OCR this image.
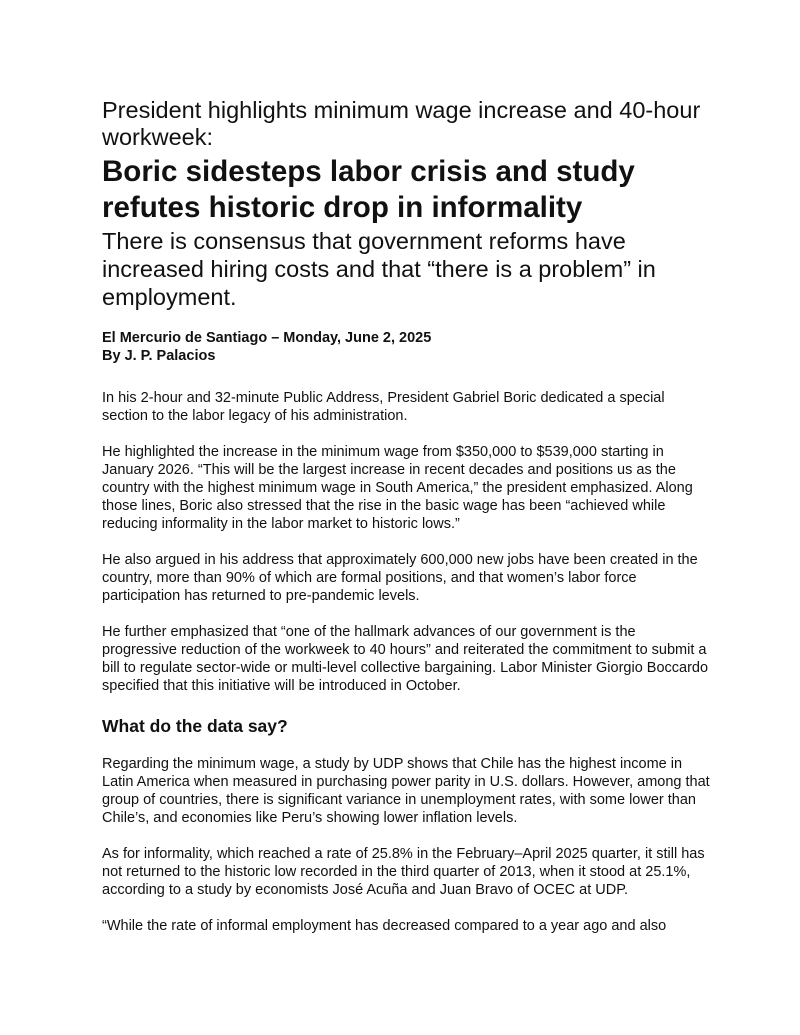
President highlights minimum wage increase and 40-hour workweek:
Boric sidesteps labor crisis and study refutes historic drop in informality
There is consensus that government reforms have increased hiring costs and that “there is a problem” in employment.
El Mercurio de Santiago – Monday, June 2, 2025
By J. P. Palacios

In his 2-hour and 32-minute Public Address, President Gabriel Boric dedicated a special section to the labor legacy of his administration.

He highlighted the increase in the minimum wage from $350,000 to $539,000 starting in January 2026. “This will be the largest increase in recent decades and positions us as the country with the highest minimum wage in South America,” the president emphasized. Along those lines, Boric also stressed that the rise in the basic wage has been “achieved while reducing informality in the labor market to historic lows.”

He also argued in his address that approximately 600,000 new jobs have been created in the country, more than 90% of which are formal positions, and that women’s labor force participation has returned to pre-pandemic levels.

He further emphasized that “one of the hallmark advances of our government is the progressive reduction of the workweek to 40 hours” and reiterated the commitment to submit a bill to regulate sector-wide or multi-level collective bargaining. Labor Minister Giorgio Boccardo specified that this initiative will be introduced in October.

What do the data say?

Regarding the minimum wage, a study by UDP shows that Chile has the highest income in Latin America when measured in purchasing power parity in U.S. dollars. However, among that group of countries, there is significant variance in unemployment rates, with some lower than Chile’s, and economies like Peru’s showing lower inflation levels.

As for informality, which reached a rate of 25.8% in the February–April 2025 quarter, it still has not returned to the historic low recorded in the third quarter of 2013, when it stood at 25.1%, according to a study by economists José Acuña and Juan Bravo of OCEC at UDP.

“While the rate of informal employment has decreased compared to a year ago and also
